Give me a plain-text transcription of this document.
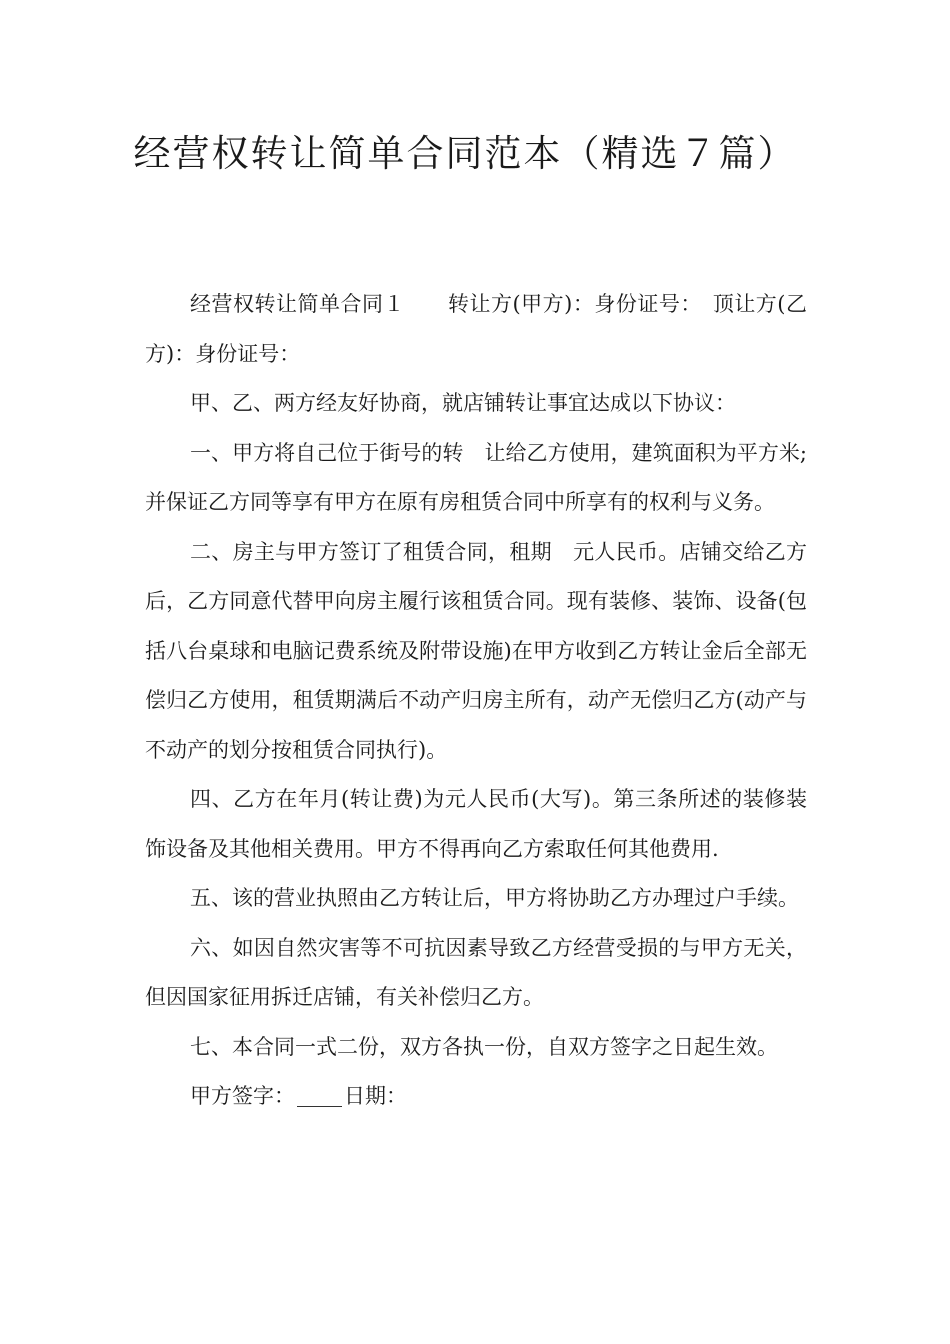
经营权转让简单合同范本（精选７篇）

经营权转让简单合同１　　转让方(甲方)：身份证号：　顶让方(乙方)：身份证号：

甲、乙、两方经友好协商，就店铺转让事宜达成以下协议：

一、甲方将自己位于街号的转　让给乙方使用，建筑面积为平方米;并保证乙方同等享有甲方在原有房租赁合同中所享有的权利与义务。

二、房主与甲方签订了租赁合同，租期　元人民币。店铺交给乙方后，乙方同意代替甲向房主履行该租赁合同。现有装修、装饰、设备(包括八台桌球和电脑记费系统及附带设施)在甲方收到乙方转让金后全部无偿归乙方使用，租赁期满后不动产归房主所有，动产无偿归乙方(动产与不动产的划分按租赁合同执行)。

四、乙方在年月(转让费)为元人民币(大写)。第三条所述的装修装饰设备及其他相关费用。甲方不得再向乙方索取任何其他费用.

五、该的营业执照由乙方转让后，甲方将协助乙方办理过户手续。

六、如因自然灾害等不可抗因素导致乙方经营受损的与甲方无关，但因国家征用拆迁店铺，有关补偿归乙方。

七、本合同一式二份，双方各执一份，自双方签字之日起生效。

甲方签字： 日期：
